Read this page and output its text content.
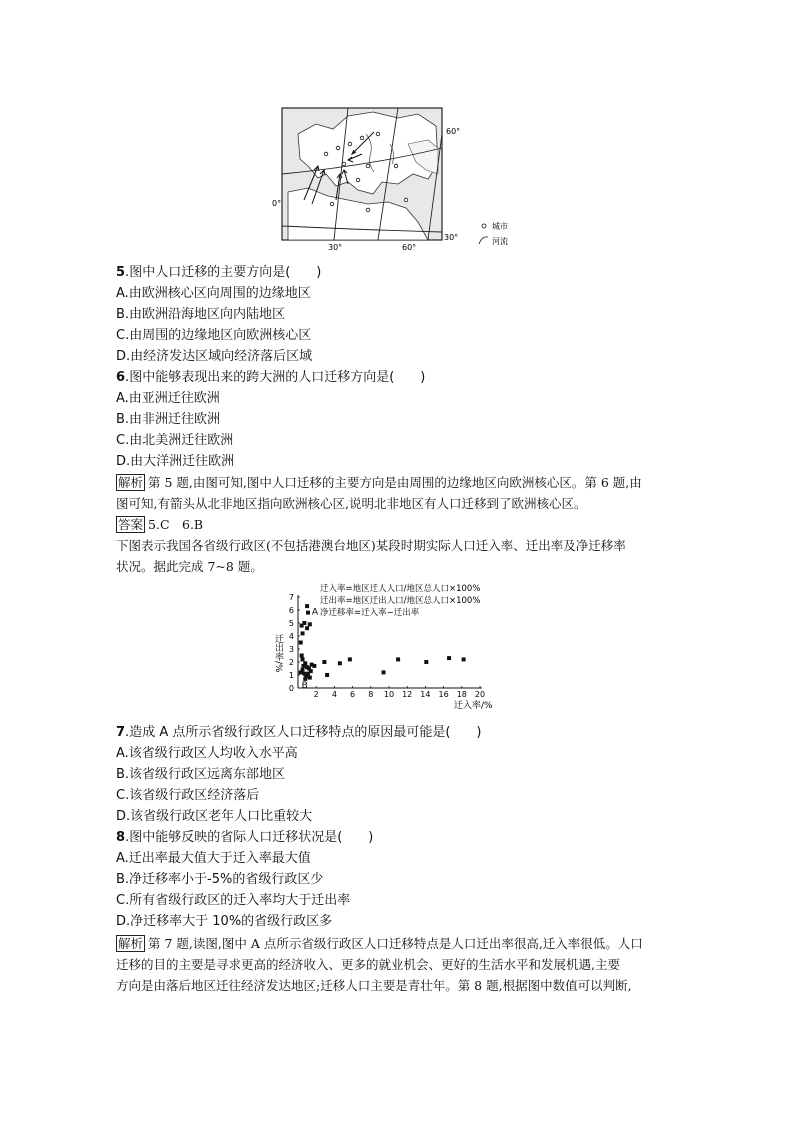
60°
0°
30°
30°	60°
城市
河流
5.图中人口迁移的主要方向是(　　)
A.由欧洲核心区向周围的边缘地区
B.由欧洲沿海地区向内陆地区
C.由周围的边缘地区向欧洲核心区
D.由经济发达区域向经济落后区域
6.图中能够表现出来的跨大洲的人口迁移方向是(　　)
A.由亚洲迁往欧洲
B.由非洲迁往欧洲
C.由北美洲迁往欧洲
D.由大洋洲迁往欧洲
解析 第 5 题,由图可知,图中人口迁移的主要方向是由周围的边缘地区向欧洲核心区。第 6 题,由
图可知,有箭头从北非地区指向欧洲核心区,说明北非地区有人口迁移到了欧洲核心区。
答案 5.C　6.B
下图表示我国各省级行政区(不包括港澳台地区)某段时期实际人口迁入率、迁出率及净迁移率
状况。据此完成 7~8 题。
2 4 6 8 10 12 14 16 18 20
0
1
2
3
4
5
6
7
迁出率/%
迁入率/%
迁入率=地区迁人人口/地区总人口×100%
迁出率=地区迁出人口/地区总人口×100%
净迁移率=迁入率−迁出率
A
B
7.造成 A 点所示省级行政区人口迁移特点的原因最可能是(　　)
A.该省级行政区人均收入水平高
B.该省级行政区远离东部地区
C.该省级行政区经济落后
D.该省级行政区老年人口比重较大
8.图中能够反映的省际人口迁移状况是(　　)
A.迁出率最大值大于迁入率最大值
B.净迁移率小于-5%的省级行政区少
C.所有省级行政区的迁入率均大于迁出率
D.净迁移率大于 10%的省级行政区多
解析 第 7 题,读图,图中 A 点所示省级行政区人口迁移特点是人口迁出率很高,迁入率很低。人口
迁移的目的主要是寻求更高的经济收入、更多的就业机会、更好的生活水平和发展机遇,主要
方向是由落后地区迁往经济发达地区;迁移人口主要是青壮年。第 8 题,根据图中数值可以判断,
